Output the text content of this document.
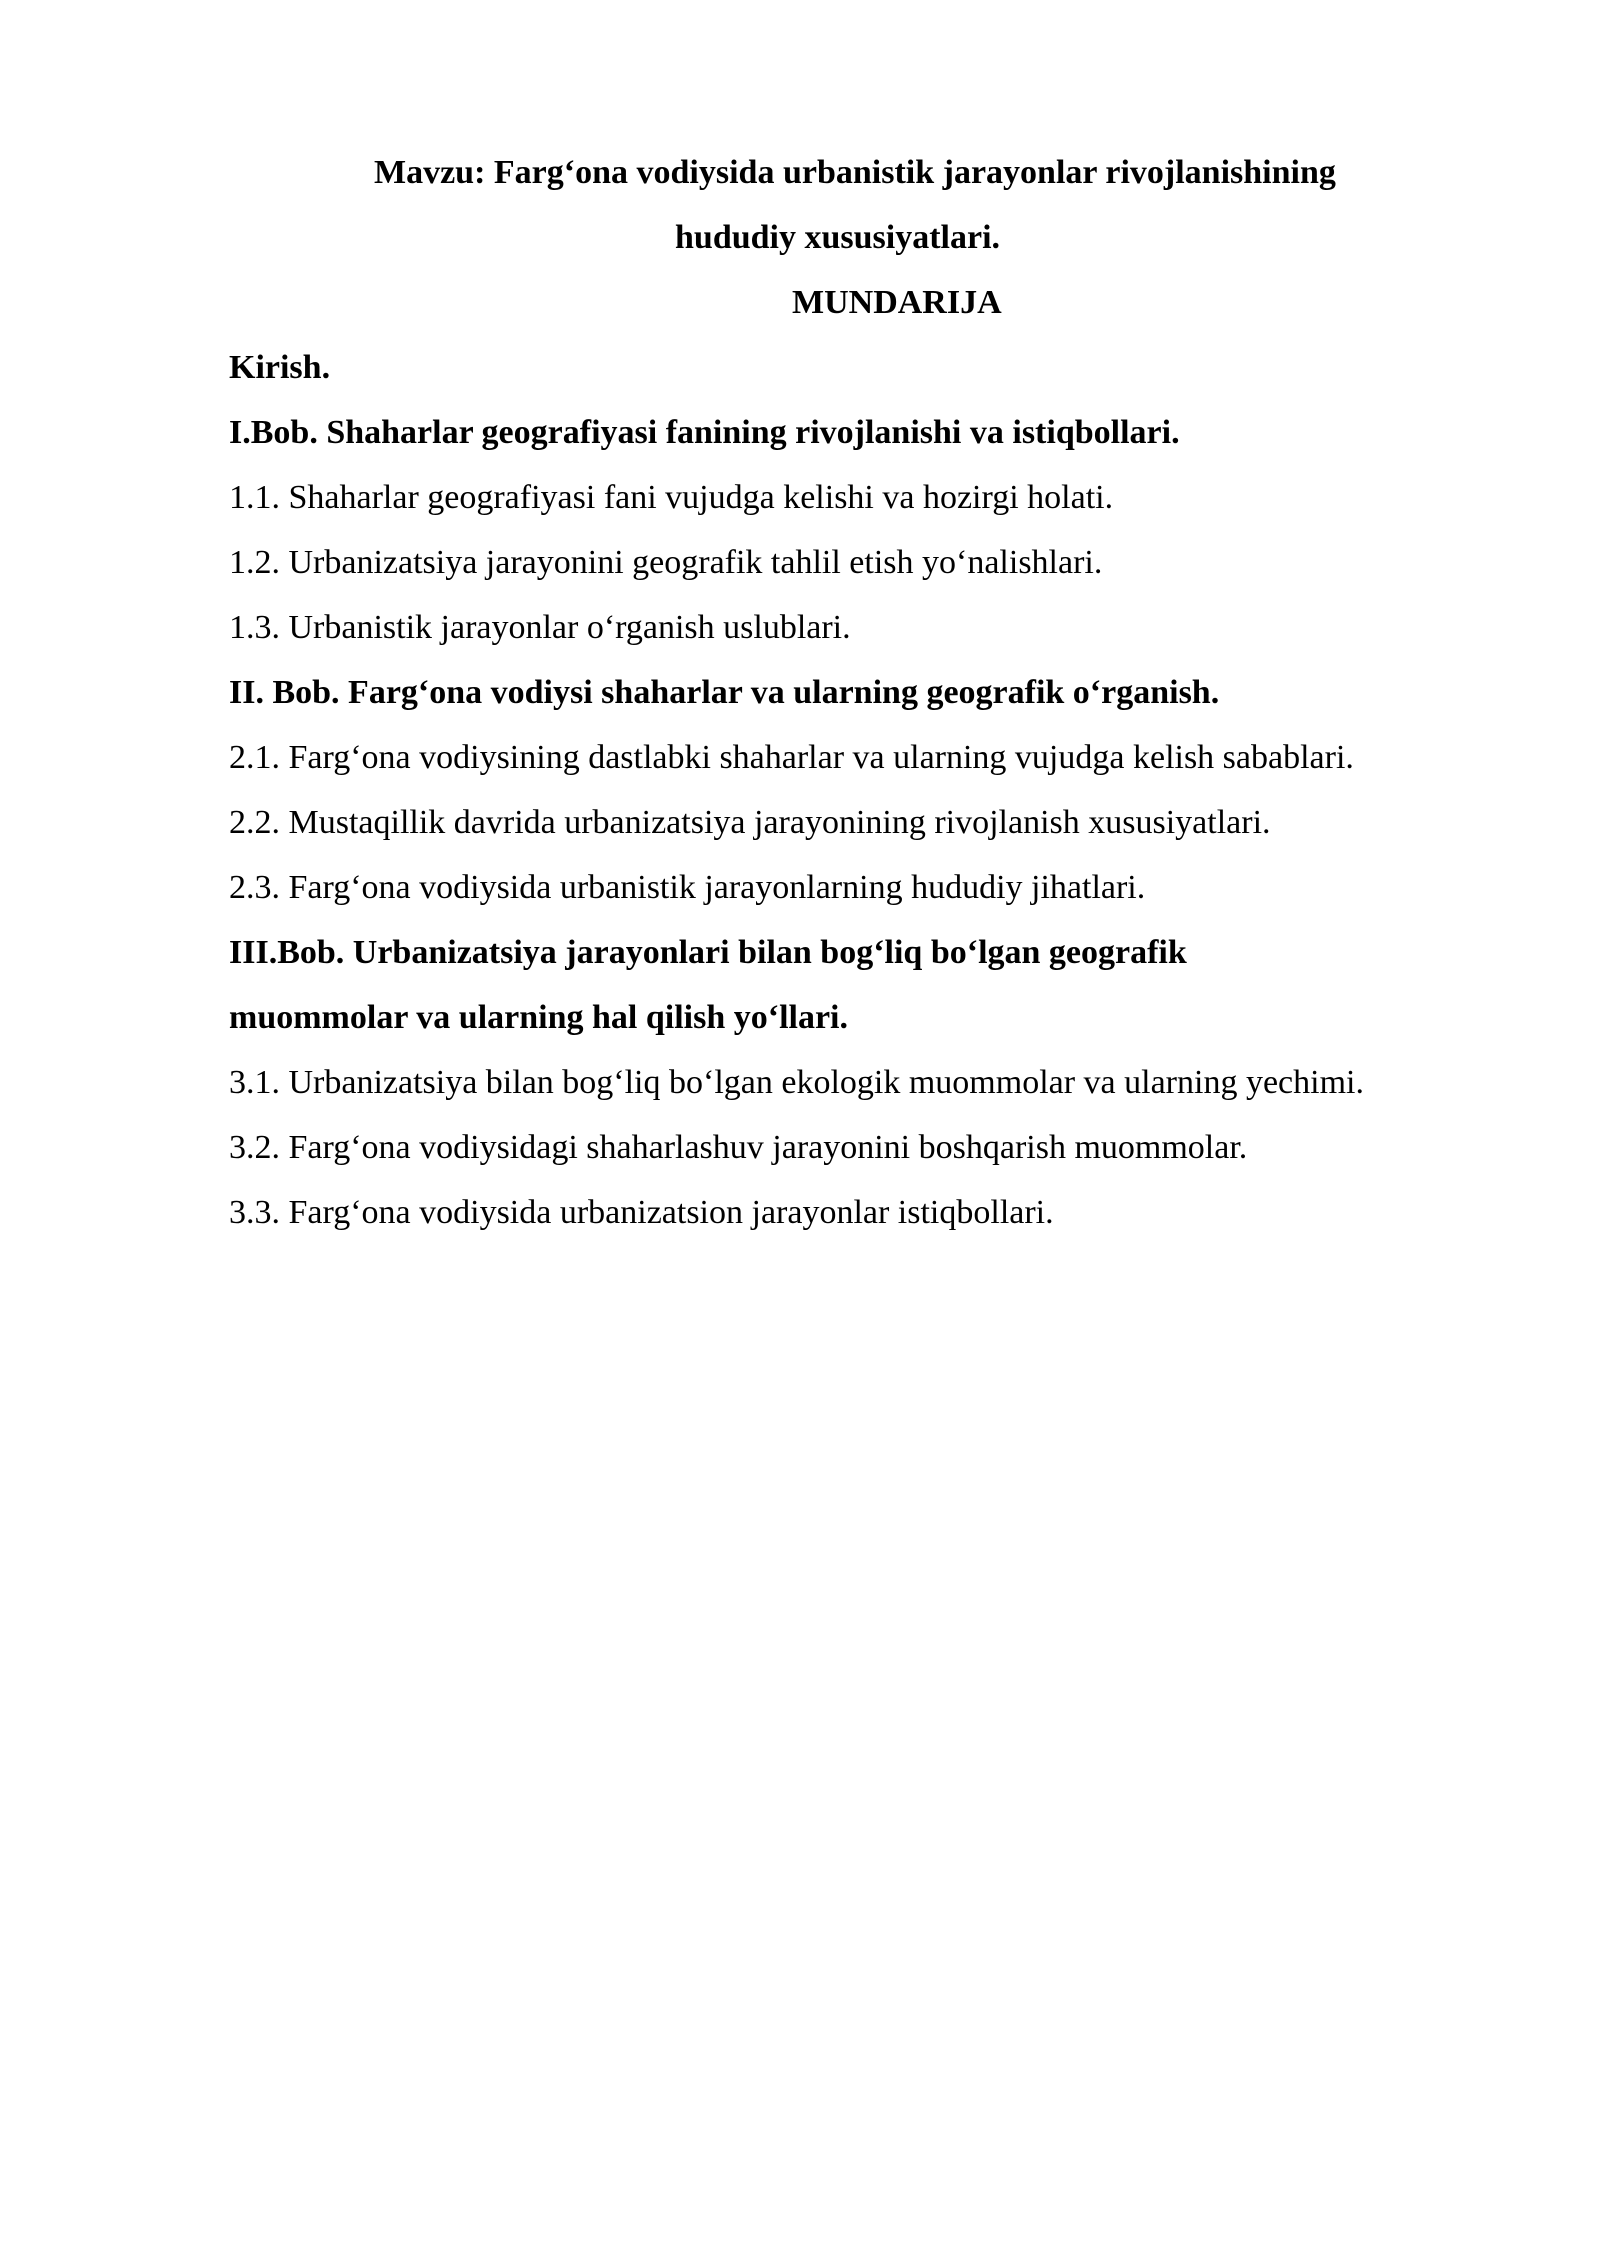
Mavzu: Farg‘ona vodiysida urbanistik jarayonlar rivojlanishining
hududiy xususiyatlari.
MUNDARIJA
Kirish.
I.Bob. Shaharlar geografiyasi fanining rivojlanishi va istiqbollari.
1.1. Shaharlar geografiyasi fani vujudga kelishi va hozirgi holati.
1.2. Urbanizatsiya jarayonini geografik tahlil etish yo‘nalishlari.
1.3. Urbanistik jarayonlar o‘rganish uslublari.
II. Bob. Farg‘ona vodiysi shaharlar va ularning geografik o‘rganish.
2.1. Farg‘ona vodiysining dastlabki shaharlar va ularning vujudga kelish sabablari.
2.2. Mustaqillik davrida urbanizatsiya jarayonining rivojlanish xususiyatlari.
2.3. Farg‘ona vodiysida urbanistik jarayonlarning hududiy jihatlari.
III.Bob. Urbanizatsiya jarayonlari bilan bog‘liq bo‘lgan geografik
muommolar va ularning hal qilish yo‘llari.
3.1. Urbanizatsiya bilan bog‘liq bo‘lgan ekologik muommolar va ularning yechimi.
3.2. Farg‘ona vodiysidagi shaharlashuv jarayonini boshqarish muommolar.
3.3. Farg‘ona vodiysida urbanizatsion jarayonlar istiqbollari.
